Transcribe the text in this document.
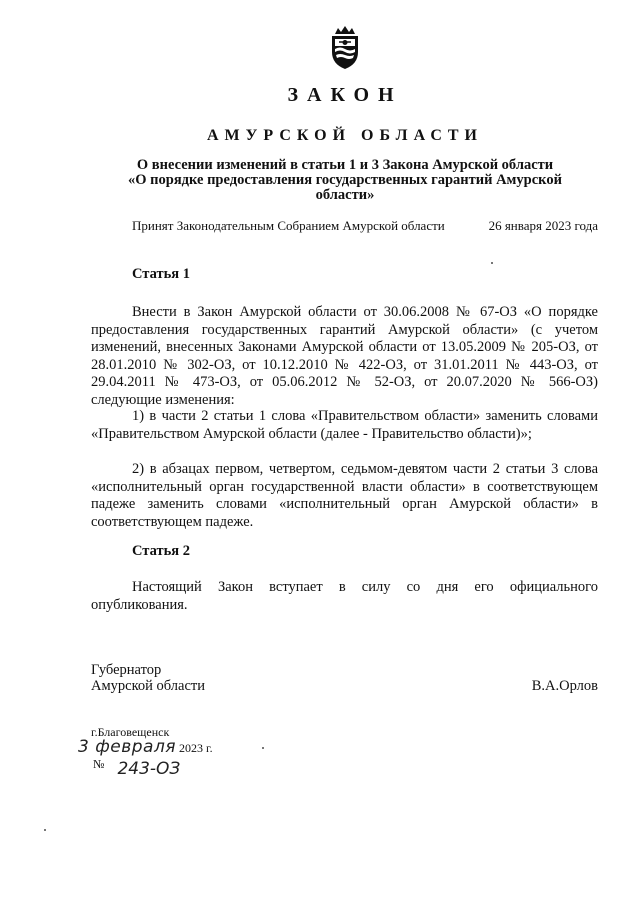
ЗАКОН
АМУРСКОЙ ОБЛАСТИ
О внесении изменений в статьи 1 и 3 Закона Амурской области
«О порядке предоставления государственных гарантий Амурской
области»
Принят Законодательным Собранием Амурской области	26 января 2023 года
Статья 1

Внести в Закон Амурской области от 30.06.2008 № 67-ОЗ «О порядке предоставления государственных гарантий Амурской области» (с учетом изменений, внесенных Законами Амурской области от 13.05.2009 № 205-ОЗ, от 28.01.2010 № 302-ОЗ, от 10.12.2010 № 422-ОЗ, от 31.01.2011 № 443-ОЗ, от 29.04.2011 № 473-ОЗ, от 05.06.2012 № 52-ОЗ, от 20.07.2020 № 566-ОЗ) следующие изменения:

1) в части 2 статьи 1 слова «Правительством области» заменить словами «Правительством Амурской области (далее - Правительство области)»;

2) в абзацах первом, четвертом, седьмом-девятом части 2 статьи 3 слова «исполнительный орган государственной власти области» в соответствующем падеже заменить словами «исполнительный орган Амурской области» в соответствующем падеже.

Статья 2

Настоящий Закон вступает в силу со дня его официального опубликования.

Губернатор
Амурской области	В.А.Орлов
г.Благовещенск
3 февраля 2023 г.
№ 243-ОЗ
